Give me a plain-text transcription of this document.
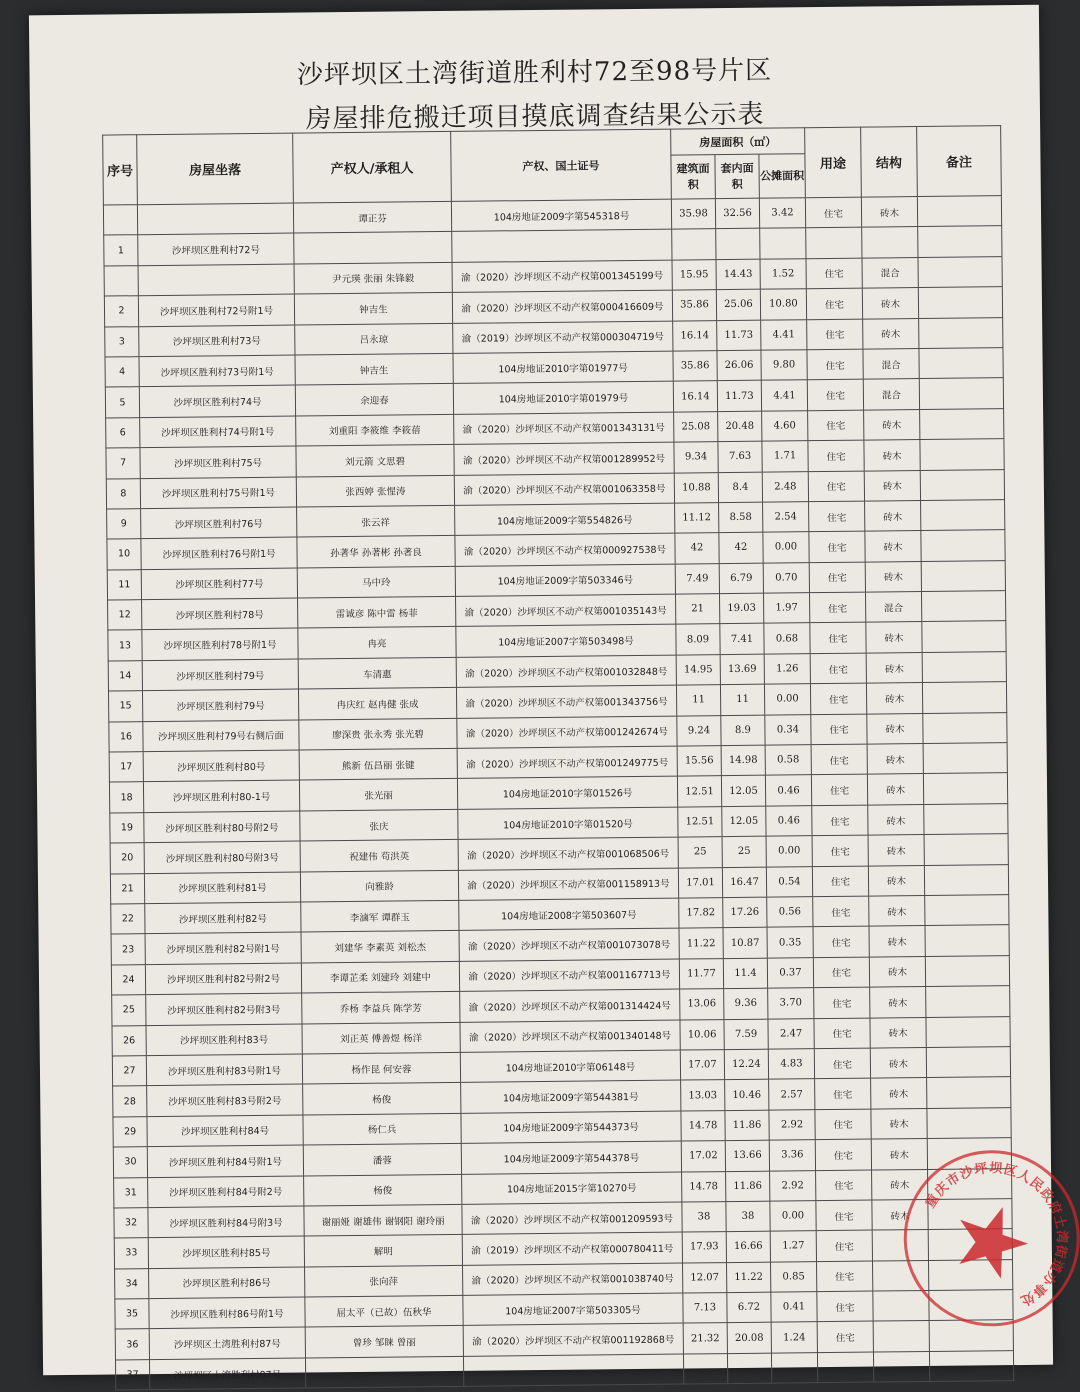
沙坪坝区土湾街道胜利村72至98号片区
房屋排危搬迁项目摸底调查结果公示表
序号	房屋坐落	产权人/承租人	产权、国土证号	房屋面积（㎡）			用途	结构	备注
				建筑面积	套内面积	公摊面积			
		谭正芬	104房地证2009字第545318号	35.98	32.56	3.42	住宅	砖木	
1	沙坪坝区胜利村72号								
		尹元瑛 张丽 朱锋毅	渝（2020）沙坪坝区不动产权第001345199号	15.95	14.43	1.52	住宅	混合	
2	沙坪坝区胜利村72号附1号	钟吉生	渝（2020）沙坪坝区不动产权第000416609号	35.86	25.06	10.80	住宅	砖木	
3	沙坪坝区胜利村73号	吕永琼	渝（2019）沙坪坝区不动产权第000304719号	16.14	11.73	4.41	住宅	砖木	
4	沙坪坝区胜利村73号附1号	钟吉生	104房地证2010字第01977号	35.86	26.06	9.80	住宅	混合	
5	沙坪坝区胜利村74号	余迎春	104房地证2010字第01979号	16.14	11.73	4.41	住宅	混合	
6	沙坪坝区胜利村74号附1号	刘重阳 李筱维 李筱蓓	渝（2020）沙坪坝区不动产权第001343131号	25.08	20.48	4.60	住宅	砖木	
7	沙坪坝区胜利村75号	刘元箭 文思碧	渝（2020）沙坪坝区不动产权第001289952号	9.34	7.63	1.71	住宅	砖木	
8	沙坪坝区胜利村75号附1号	张西婷 张惺涛	渝（2020）沙坪坝区不动产权第001063358号	10.88	8.4	2.48	住宅	砖木	
9	沙坪坝区胜利村76号	张云祥	104房地证2009字第554826号	11.12	8.58	2.54	住宅	砖木	
10	沙坪坝区胜利村76号附1号	孙著华 孙著彬 孙著良	渝（2020）沙坪坝区不动产权第000927538号	42	42	0.00	住宅	砖木	
11	沙坪坝区胜利村77号	马中玲	104房地证2009字第503346号	7.49	6.79	0.70	住宅	砖木	
12	沙坪坝区胜利村78号	雷诚彦 陈中雷 杨菲	渝（2020）沙坪坝区不动产权第001035143号	21	19.03	1.97	住宅	混合	
13	沙坪坝区胜利村78号附1号	冉亮	104房地证2007字第503498号	8.09	7.41	0.68	住宅	砖木	
14	沙坪坝区胜利村79号	车清惠	渝（2020）沙坪坝区不动产权第001032848号	14.95	13.69	1.26	住宅	砖木	
15	沙坪坝区胜利村79号	冉庆红 赵冉健 张成	渝（2020）沙坪坝区不动产权第001343756号	11	11	0.00	住宅	砖木	
16	沙坪坝区胜利村79号右侧后面	廖深贵 张永秀 张光碧	渝（2020）沙坪坝区不动产权第001242674号	9.24	8.9	0.34	住宅	砖木	
17	沙坪坝区胜利村80号	熊新 伍昌丽 张键	渝（2020）沙坪坝区不动产权第001249775号	15.56	14.98	0.58	住宅	砖木	
18	沙坪坝区胜利村80-1号	张光丽	104房地证2010字第01526号	12.51	12.05	0.46	住宅	砖木	
19	沙坪坝区胜利村80号附2号	张庆	104房地证2010字第01520号	12.51	12.05	0.46	住宅	砖木	
20	沙坪坝区胜利村80号附3号	祝建伟 苟洪英	渝（2020）沙坪坝区不动产权第001068506号	25	25	0.00	住宅	砖木	
21	沙坪坝区胜利村81号	向雅龄	渝（2020）沙坪坝区不动产权第001158913号	17.01	16.47	0.54	住宅	砖木	
22	沙坪坝区胜利村82号	李滷军 谭群玉	104房地证2008字第503607号	17.82	17.26	0.56	住宅	砖木	
23	沙坪坝区胜利村82号附1号	刘建华 李素英 刘松杰	渝（2020）沙坪坝区不动产权第001073078号	11.22	10.87	0.35	住宅	砖木	
24	沙坪坝区胜利村82号附2号	李谭芷柔 刘建玲 刘建中	渝（2020）沙坪坝区不动产权第001167713号	11.77	11.4	0.37	住宅	砖木	
25	沙坪坝区胜利村82号附3号	乔杨 李益兵 陈学芳	渝（2020）沙坪坝区不动产权第001314424号	13.06	9.36	3.70	住宅	砖木	
26	沙坪坝区胜利村83号	刘正英 傅善煜 杨洋	渝（2020）沙坪坝区不动产权第001340148号	10.06	7.59	2.47	住宅	砖木	
27	沙坪坝区胜利村83号附1号	杨作昆 何安蓉	104房地证2010字第06148号	17.07	12.24	4.83	住宅	砖木	
28	沙坪坝区胜利村83号附2号	杨俊	104房地证2009字第544381号	13.03	10.46	2.57	住宅	砖木	
29	沙坪坝区胜利村84号	杨仁兵	104房地证2009字第544373号	14.78	11.86	2.92	住宅	砖木	
30	沙坪坝区胜利村84号附1号	潘蓉	104房地证2009字第544378号	17.02	13.66	3.36	住宅	砖木	
31	沙坪坝区胜利村84号附2号	杨俊	104房地证2015字第10270号	14.78	11.86	2.92	住宅	砖木	
32	沙坪坝区胜利村84号附3号	谢丽娅 谢雄伟 谢钢阳 谢玲丽	渝（2020）沙坪坝区不动产权第001209593号	38	38	0.00	住宅	砖木	
33	沙坪坝区胜利村85号	解明	渝（2019）沙坪坝区不动产权第000780411号	17.93	16.66	1.27	住宅		
34	沙坪坝区胜利村86号	张向萍	渝（2020）沙坪坝区不动产权第001038740号	12.07	11.22	0.85	住宅		
35	沙坪坝区胜利村86号附1号	屈太平（已故）伍秋华	104房地证2007字第503305号	7.13	6.72	0.41	住宅		
36	沙坪坝区土湾胜利村87号	曾珍 邹睐 曾丽	渝（2020）沙坪坝区不动产权第001192868号	21.32	20.08	1.24	住宅		
37	沙坪坝区土湾胜利村87号								
重庆市沙坪坝区人民政府土湾街道办事处
